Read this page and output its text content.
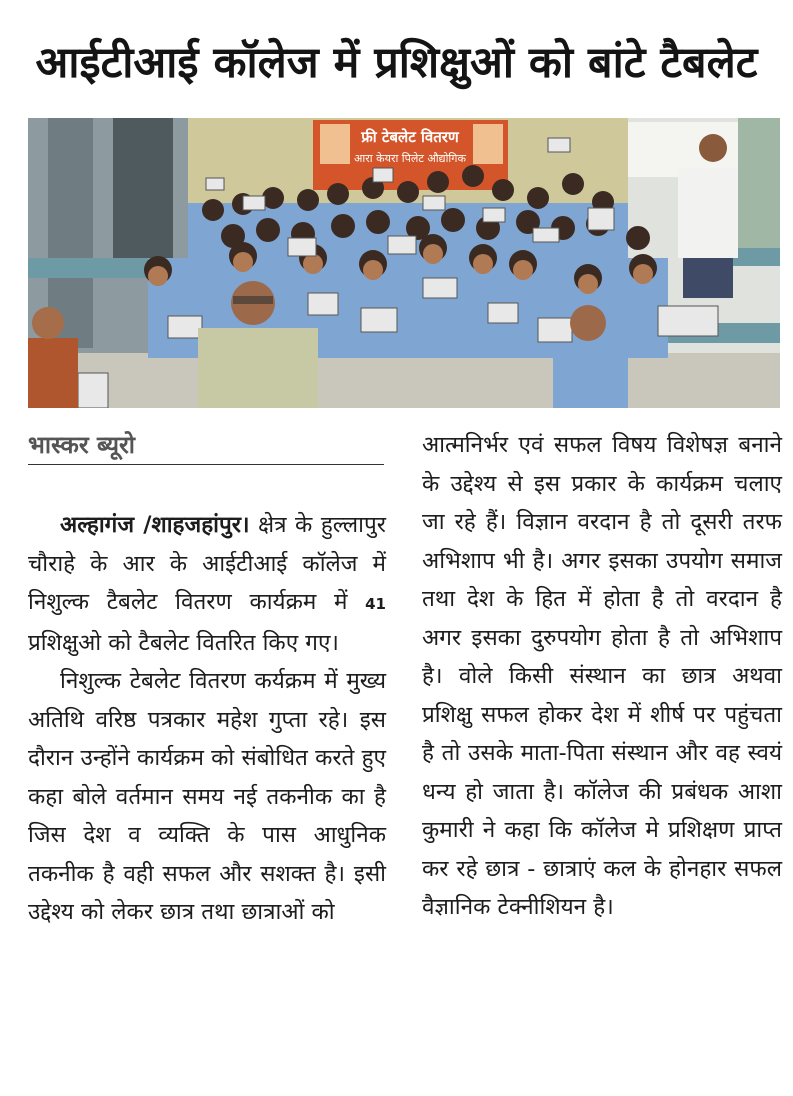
आईटीआई कॉलेज में प्रशिक्षुओं को बांटे टैबलेट
फ्री टेबलेट वितरण
आरा केयरा पिलेट औद्योगिक
भास्कर ब्यूरो

अल्हागंज /शाहजहांपुर। क्षेत्र के हुल्लापुर चौराहे के आर के आईटीआई कॉलेज में निशुल्क टैबलेट वितरण कार्यक्रम में 41 प्रशिक्षुओ को टैबलेट वितरित किए गए।

निशुल्क टेबलेट वितरण कर्यक्रम में मुख्य अतिथि वरिष्ठ पत्रकार महेश गुप्ता रहे। इस दौरान उन्होंने कार्यक्रम को संबोधित करते हुए कहा बोले वर्तमान समय नई तकनीक का है जिस देश व व्यक्ति के पास आधुनिक तकनीक है वही सफल और सशक्त है। इसी उद्देश्य को लेकर छात्र तथा छात्राओं को

आत्मनिर्भर एवं सफल विषय विशेषज्ञ बनाने के उद्देश्य से इस प्रकार के कार्यक्रम चलाए जा रहे हैं। विज्ञान वरदान है तो दूसरी तरफ अभिशाप भी है। अगर इसका उपयोग समाज तथा देश के हित में होता है तो वरदान है अगर इसका दुरुपयोग होता है तो अभिशाप है। वोले किसी संस्थान का छात्र अथवा प्रशिक्षु सफल होकर देश में शीर्ष पर पहुंचता है तो उसके माता-पिता संस्थान और वह स्वयं धन्य हो जाता है। कॉलेज की प्रबंधक आशा कुमारी ने कहा कि कॉलेज मे प्रशिक्षण प्राप्त कर रहे छात्र - छात्राएं कल के होनहार सफल वैज्ञानिक टेक्नीशियन है।
